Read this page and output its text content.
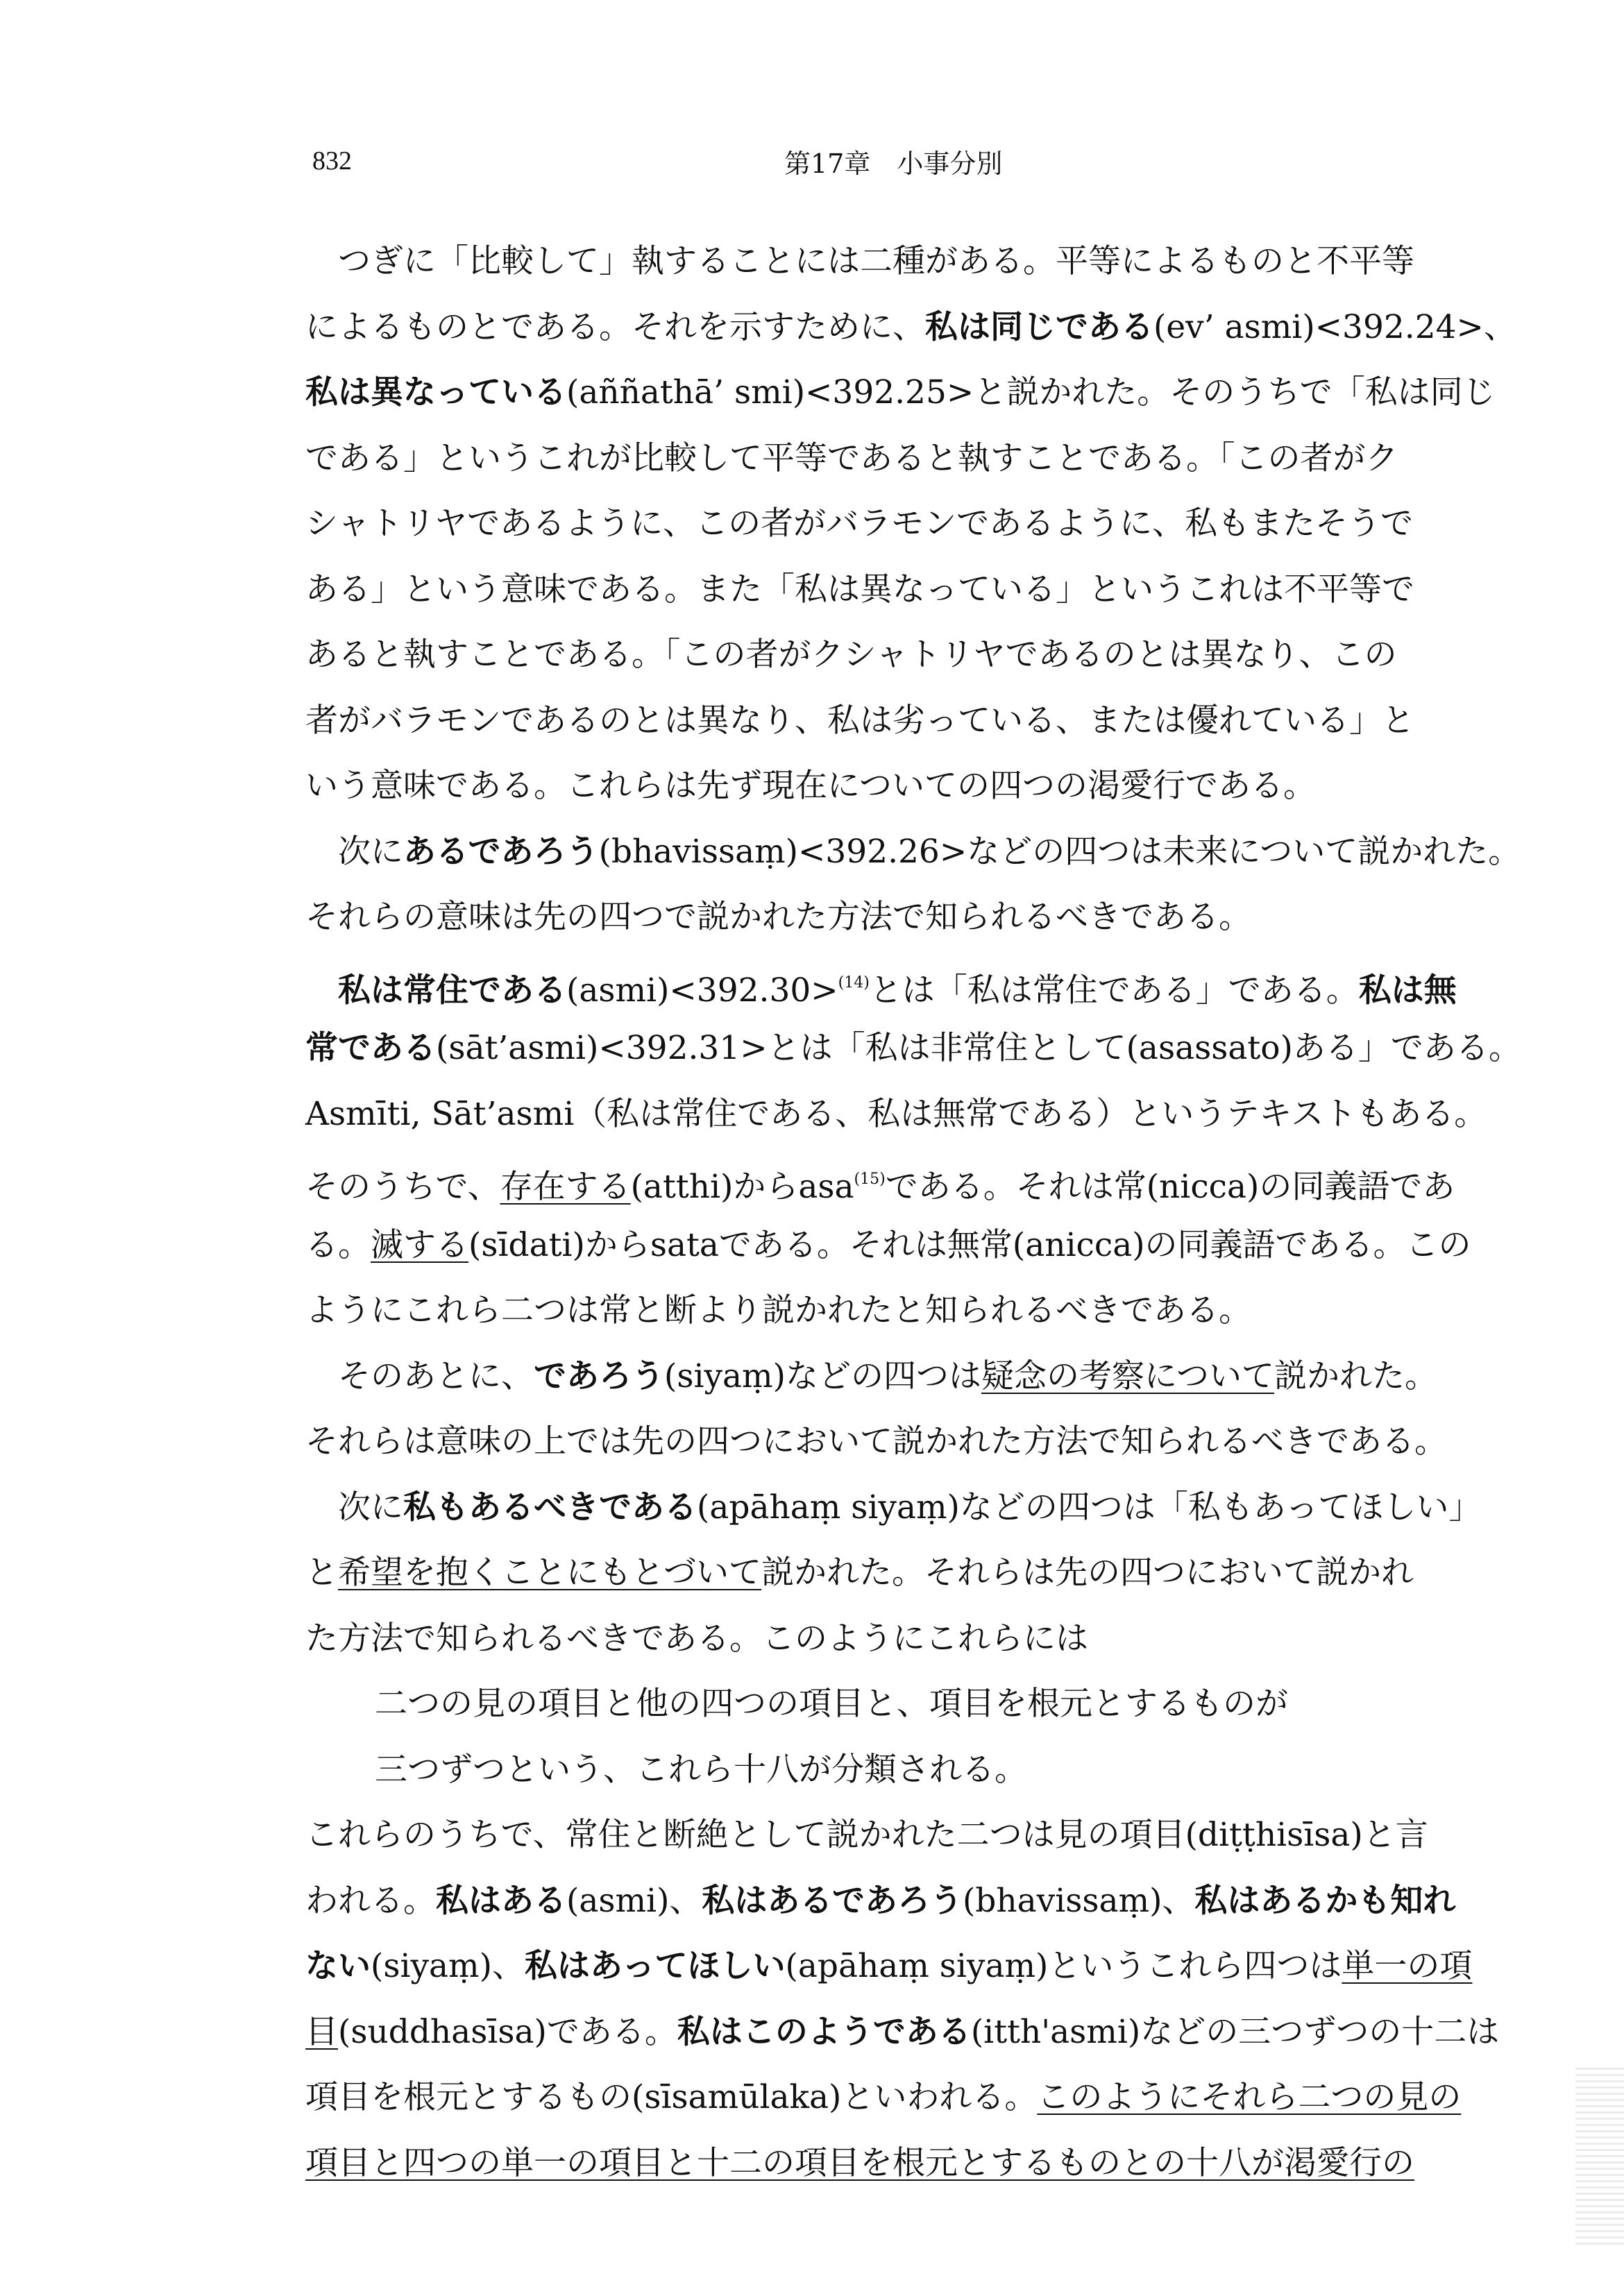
832	第17章　小事分別
つぎに「比較して」執することには二種がある。平等によるものと不平等
によるものとである。それを示すために、私は同じである(ev’ asmi)<392.24>、
私は異なっている(aññathā’ smi)<392.25>と説かれた。そのうちで「私は同じ
である」というこれが比較して平等であると執すことである。「この者がク
シャトリヤであるように、この者がバラモンであるように、私もまたそうで
ある」という意味である。また「私は異なっている」というこれは不平等で
あると執すことである。「この者がクシャトリヤであるのとは異なり、この
者がバラモンであるのとは異なり、私は劣っている、または優れている」と
いう意味である。これらは先ず現在についての四つの渇愛行である。
次にあるであろう(bhavissaṃ)<392.26>などの四つは未来について説かれた。
それらの意味は先の四つで説かれた方法で知られるべきである。
私は常住である(asmi)<392.30>$^{(14)}$とは「私は常住である」である。私は無
常である(sāt’asmi)<392.31>とは「私は非常住として(asassato)ある」である。
Asmīti, Sāt’asmi（私は常住である、私は無常である）というテキストもある。
そのうちで、存在する(atthi)からasa$^{(15)}$である。それは常(nicca)の同義語であ
る。滅する(sīdati)からsataである。それは無常(anicca)の同義語である。この
ようにこれら二つは常と断より説かれたと知られるべきである。
そのあとに、であろう(siyaṃ)などの四つは疑念の考察について説かれた。
それらは意味の上では先の四つにおいて説かれた方法で知られるべきである。
次に私もあるべきである(apāhaṃ siyaṃ)などの四つは「私もあってほしい」
と希望を抱くことにもとづいて説かれた。それらは先の四つにおいて説かれ
た方法で知られるべきである。このようにこれらには
二つの見の項目と他の四つの項目と、項目を根元とするものが
三つずつという、これら十八が分類される。
これらのうちで、常住と断絶として説かれた二つは見の項目(diṭṭhisīsa)と言
われる。私はある(asmi)、私はあるであろう(bhavissaṃ)、私はあるかも知れ
ない(siyaṃ)、私はあってほしい(apāhaṃ siyaṃ)というこれら四つは単一の項
目(suddhasīsa)である。私はこのようである(itth'asmi)などの三つずつの十二は
項目を根元とするもの(sīsamūlaka)といわれる。このようにそれら二つの見の
項目と四つの単一の項目と十二の項目を根元とするものとの十八が渇愛行の
